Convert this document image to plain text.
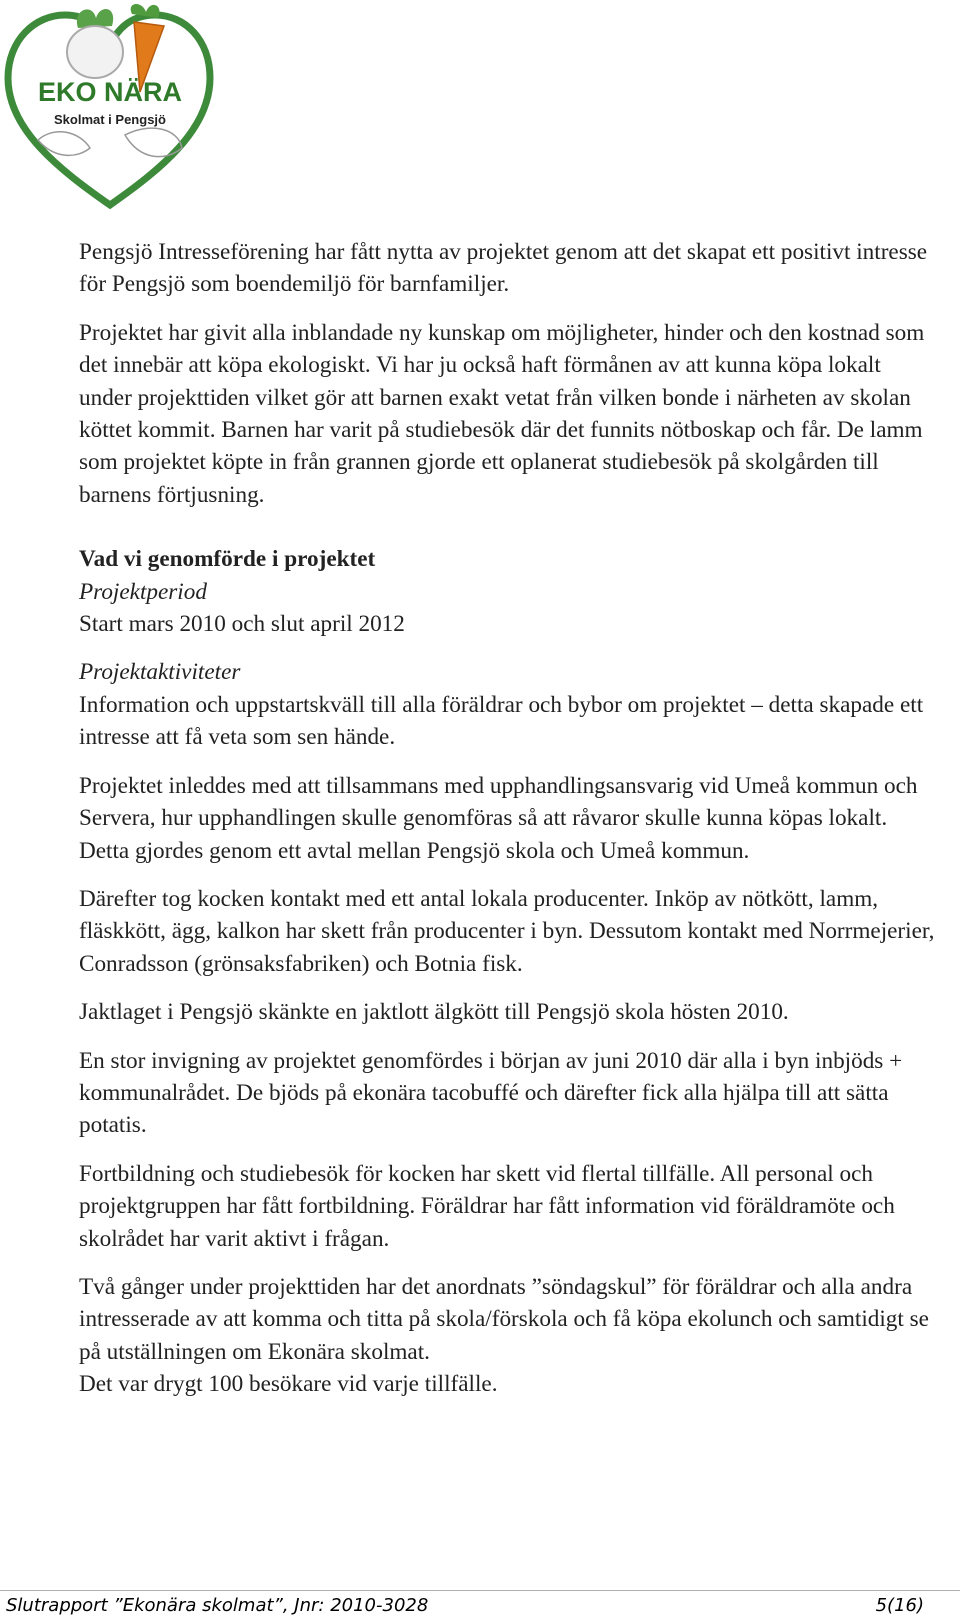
EKO NÄRA
Skolmat i Pengsjö

Pengsjö Intresseförening har fått nytta av projektet genom att det skapat ett positivt intresse för Pengsjö som boendemiljö för barnfamiljer.

Projektet har givit alla inblandade ny kunskap om möjligheter, hinder och den kostnad som det innebär att köpa ekologiskt. Vi har ju också haft förmånen av att kunna köpa lokalt under projekttiden vilket gör att barnen exakt vetat från vilken bonde i närheten av skolan köttet kommit. Barnen har varit på studiebesök där det funnits nötboskap och får. De lamm som projektet köpte in från grannen gjorde ett oplanerat studiebesök på skolgården till barnens förtjusning.

Vad vi genomförde i projektet

Projektperiod

Start mars 2010 och slut april 2012

Projektaktiviteter

Information och uppstartskväll till alla föräldrar och bybor om projektet – detta skapade ett intresse att få veta som sen hände.

Projektet inleddes med att tillsammans med upphandlingsansvarig vid Umeå kommun och Servera, hur upphandlingen skulle genomföras så att råvaror skulle kunna köpas lokalt. Detta gjordes genom ett avtal mellan Pengsjö skola och Umeå kommun.

Därefter tog kocken kontakt med ett antal lokala producenter. Inköp av nötkött, lamm, fläskkött, ägg, kalkon har skett från producenter i byn. Dessutom kontakt med Norrmejerier, Conradsson (grönsaksfabriken) och Botnia fisk.

Jaktlaget i Pengsjö skänkte en jaktlott älgkött till Pengsjö skola hösten 2010.

En stor invigning av projektet genomfördes i början av juni 2010 där alla i byn inbjöds + kommunalrådet. De bjöds på ekonära tacobuffé och därefter fick alla hjälpa till att sätta potatis.

Fortbildning och studiebesök för kocken har skett vid flertal tillfälle. All personal och projektgruppen har fått fortbildning. Föräldrar har fått information vid föräldramöte och skolrådet har varit aktivt i frågan.

Två gånger under projekttiden har det anordnats ”söndagskul” för föräldrar och alla andra intresserade av att komma och titta på skola/förskola och få köpa ekolunch och samtidigt se på utställningen om Ekonära skolmat.

Det var drygt 100 besökare vid varje tillfälle.

Slutrapport ”Ekonära skolmat”, Jnr: 2010-3028	5(16)
